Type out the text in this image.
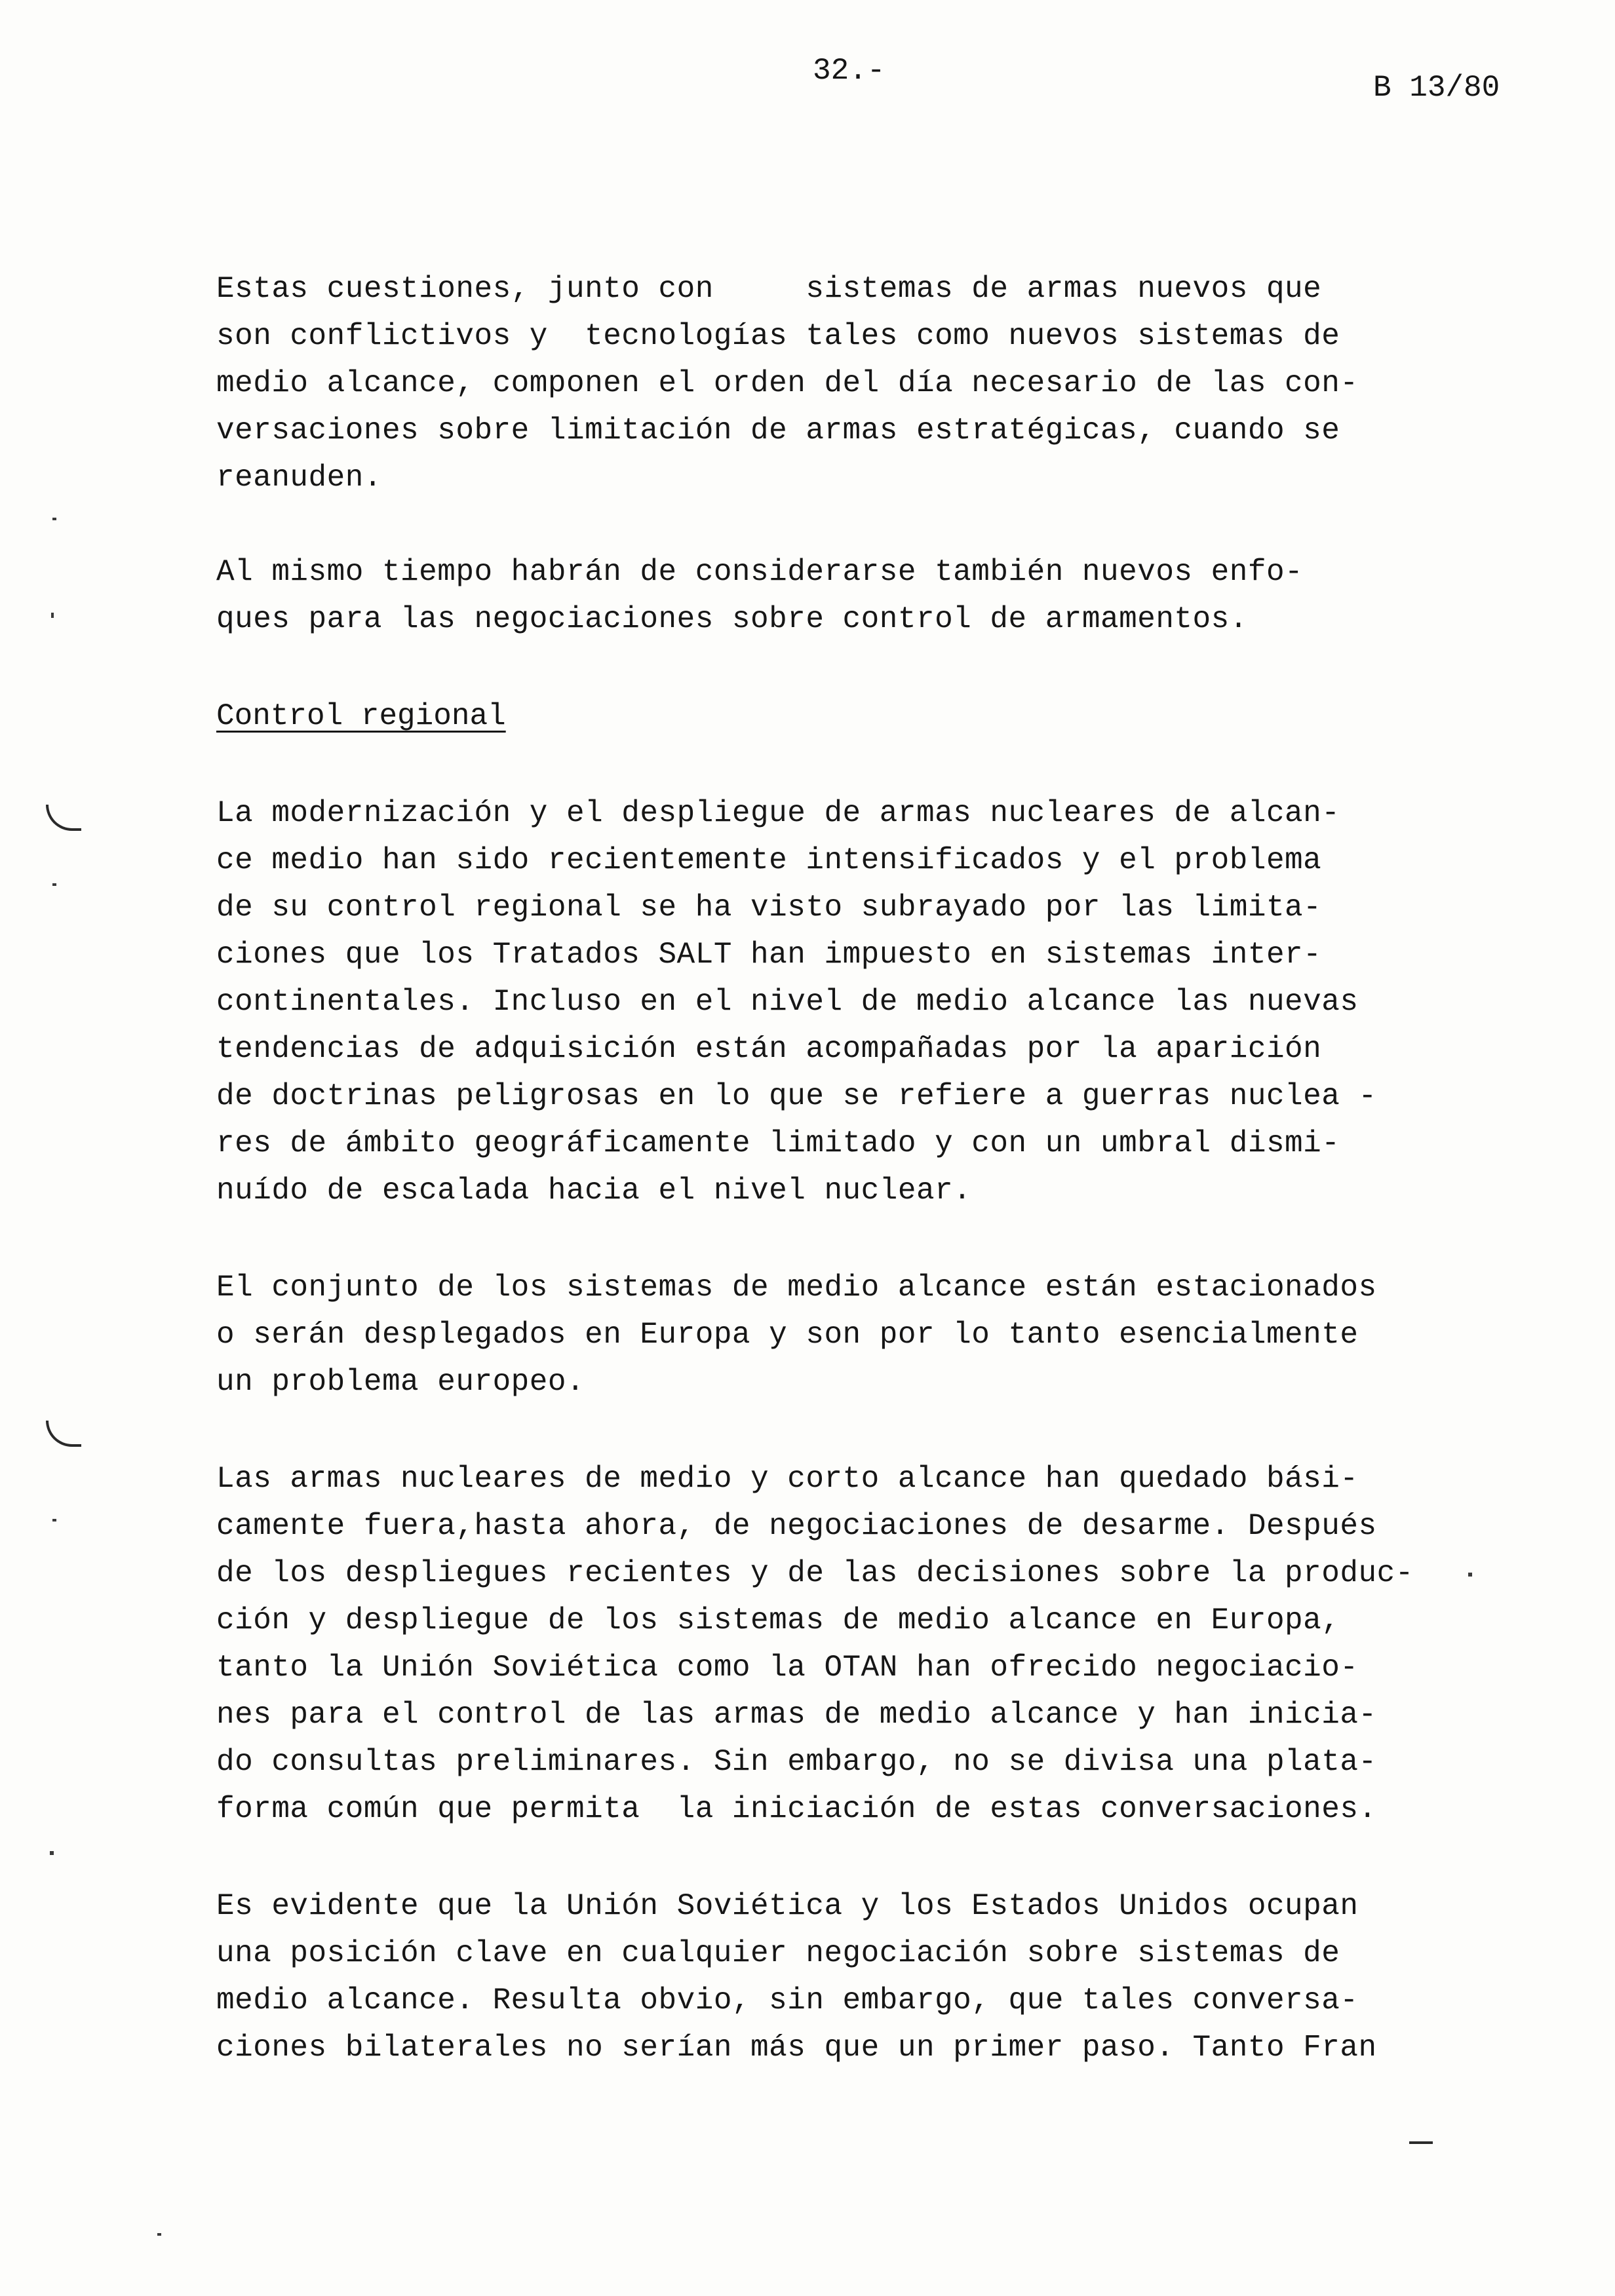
32.-	B 13/80

Estas cuestiones, junto con     sistemas de armas nuevos que
son conflictivos y  tecnologías tales como nuevos sistemas de
medio alcance, componen el orden del día necesario de las con-
versaciones sobre limitación de armas estratégicas, cuando se
reanuden.

Al mismo tiempo habrán de considerarse también nuevos enfo-
ques para las negociaciones sobre control de armamentos.

Control regional

La modernización y el despliegue de armas nucleares de alcan-
ce medio han sido recientemente intensificados y el problema
de su control regional se ha visto subrayado por las limita-
ciones que los Tratados SALT han impuesto en sistemas inter-
continentales. Incluso en el nivel de medio alcance las nuevas
tendencias de adquisición están acompañadas por la aparición
de doctrinas peligrosas en lo que se refiere a guerras nuclea -
res de ámbito geográficamente limitado y con un umbral dismi-
nuído de escalada hacia el nivel nuclear.

El conjunto de los sistemas de medio alcance están estacionados
o serán desplegados en Europa y son por lo tanto esencialmente
un problema europeo.

Las armas nucleares de medio y corto alcance han quedado bási-
camente fuera,hasta ahora, de negociaciones de desarme. Después
de los despliegues recientes y de las decisiones sobre la produc-
ción y despliegue de los sistemas de medio alcance en Europa,
tanto la Unión Soviética como la OTAN han ofrecido negociacio-
nes para el control de las armas de medio alcance y han inicia-
do consultas preliminares. Sin embargo, no se divisa una plata-
forma común que permita  la iniciación de estas conversaciones.

Es evidente que la Unión Soviética y los Estados Unidos ocupan
una posición clave en cualquier negociación sobre sistemas de
medio alcance. Resulta obvio, sin embargo, que tales conversa-
ciones bilaterales no serían más que un primer paso. Tanto Fran
